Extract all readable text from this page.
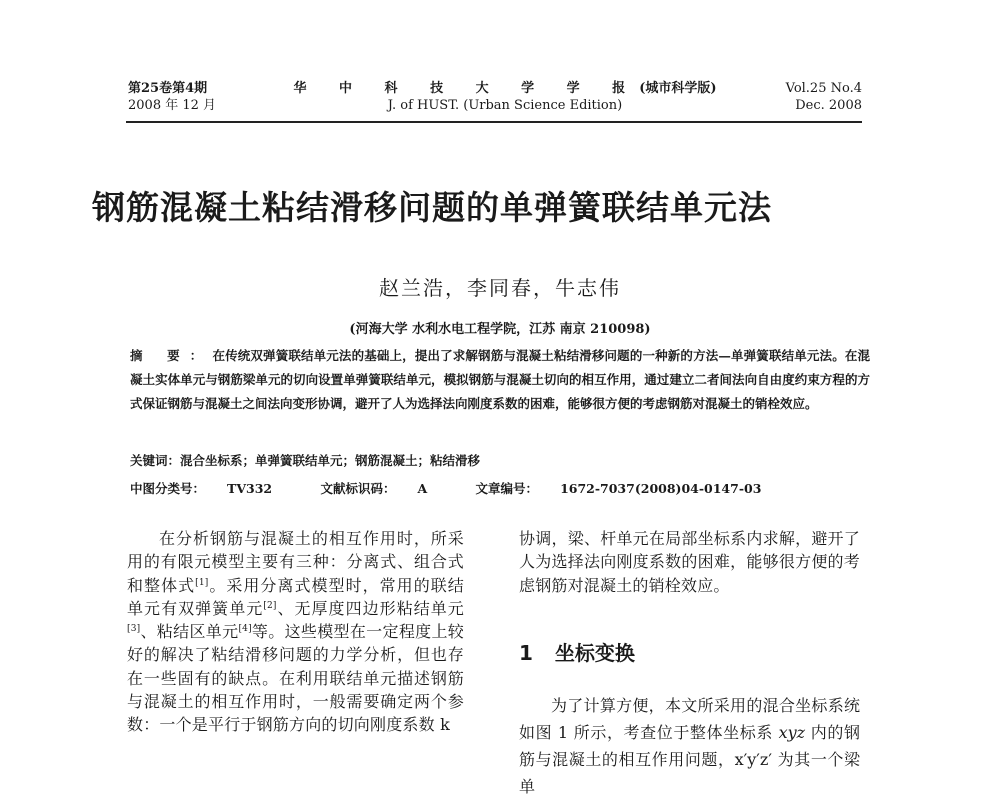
第25卷第4期
2008 年 12 月
华 中 科 技 大 学 学 报(城市科学版)
J. of HUST. (Urban Science Edition)
Vol.25 No.4
Dec. 2008
钢筋混凝土粘结滑移问题的单弹簧联结单元法
赵兰浩，李同春，牛志伟
(河海大学 水利水电工程学院，江苏 南京 210098)
摘 要：在传统双弹簧联结单元法的基础上，提出了求解钢筋与混凝土粘结滑移问题的一种新的方法—单弹簧联结单元法。在混凝土实体单元与钢筋梁单元的切向设置单弹簧联结单元，模拟钢筋与混凝土切向的相互作用，通过建立二者间法向自由度约束方程的方式保证钢筋与混凝土之间法向变形协调，避开了人为选择法向刚度系数的困难，能够很方便的考虑钢筋对混凝土的销栓效应。
关键词：混合坐标系；单弹簧联结单元；钢筋混凝土；粘结滑移
中图分类号： TV332	文献标识码： A	文章编号： 1672-7037(2008)04-0147-03
在分析钢筋与混凝土的相互作用时，所采用的有限元模型主要有三种：分离式、组合式和整体式[1]。采用分离式模型时，常用的联结单元有双弹簧单元[2]、无厚度四边形粘结单元[3]、粘结区单元[4]等。这些模型在一定程度上较好的解决了粘结滑移问题的力学分析，但也存在一些固有的缺点。在利用联结单元描述钢筋与混凝土的相互作用时，一般需要确定两个参数：一个是平行于钢筋方向的切向刚度系数 k
协调，梁、杆单元在局部坐标系内求解，避开了人为选择法向刚度系数的困难，能够很方便的考虑钢筋对混凝土的销栓效应。
1 坐标变换
为了计算方便，本文所采用的混合坐标系统如图 1 所示，考查位于整体坐标系 xyz 内的钢筋与混凝土的相互作用问题，x′y′z′ 为其一个梁单
